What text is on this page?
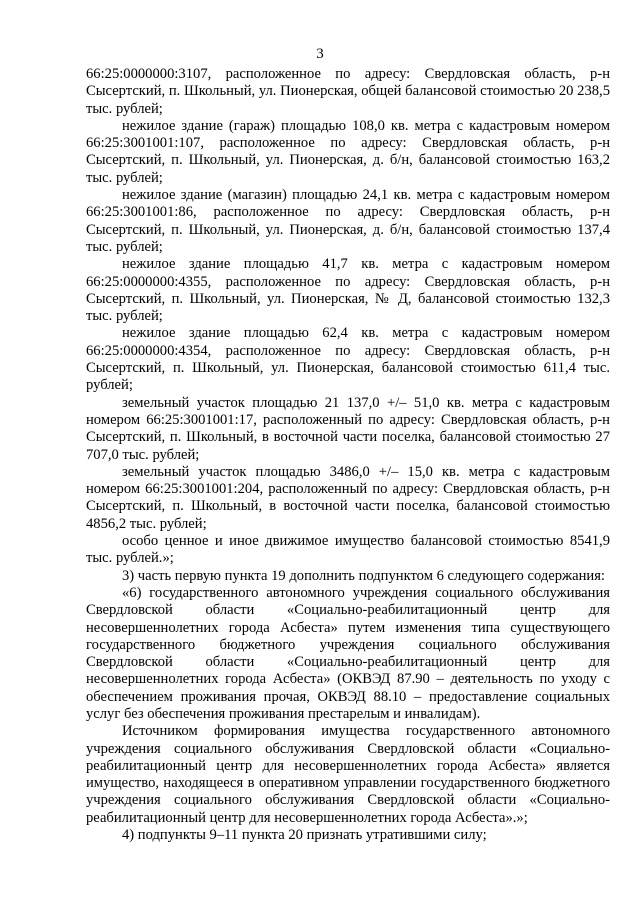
3

66:25:0000000:3107, расположенное по адресу: Свердловская область, р-н Сысертский, п. Школьный, ул. Пионерская, общей балансовой стоимостью 20 238,5 тыс. рублей;

нежилое здание (гараж) площадью 108,0 кв. метра с кадастровым номером 66:25:3001001:107, расположенное по адресу: Свердловская область, р-н Сысертский, п. Школьный, ул. Пионерская, д. б/н, балансовой стоимостью 163,2 тыс. рублей;

нежилое здание (магазин) площадью 24,1 кв. метра с кадастровым номером 66:25:3001001:86, расположенное по адресу: Свердловская область, р-н Сысертский, п. Школьный, ул. Пионерская, д. б/н, балансовой стоимостью 137,4 тыс. рублей;

нежилое здание площадью 41,7 кв. метра с кадастровым номером 66:25:0000000:4355, расположенное по адресу: Свердловская область, р-н Сысертский, п. Школьный, ул. Пионерская, № Д, балансовой стоимостью 132,3 тыс. рублей;

нежилое здание площадью 62,4 кв. метра с кадастровым номером 66:25:0000000:4354, расположенное по адресу: Свердловская область, р-н Сысертский, п. Школьный, ул. Пионерская, балансовой стоимостью 611,4 тыс. рублей;

земельный участок площадью 21 137,0 +/– 51,0 кв. метра с кадастровым номером 66:25:3001001:17, расположенный по адресу: Свердловская область, р-н Сысертский, п. Школьный, в восточной части поселка, балансовой стоимостью 27 707,0 тыс. рублей;

земельный участок площадью 3486,0 +/– 15,0 кв. метра с кадастровым номером 66:25:3001001:204, расположенный по адресу: Свердловская область, р-н Сысертский, п. Школьный, в восточной части поселка, балансовой стоимостью 4856,2 тыс. рублей;

особо ценное и иное движимое имущество балансовой стоимостью 8541,9 тыс. рублей.»;

3) часть первую пункта 19 дополнить подпунктом 6 следующего содержания:

«6) государственного автономного учреждения социального обслуживания Свердловской области «Социально-реабилитационный центр для несовершеннолетних города Асбеста» путем изменения типа существующего государственного бюджетного учреждения социального обслуживания Свердловской области «Социально-реабилитационный центр для несовершеннолетних города Асбеста» (ОКВЭД 87.90 – деятельность по уходу с обеспечением проживания прочая, ОКВЭД 88.10 – предоставление социальных услуг без обеспечения проживания престарелым и инвалидам).

Источником формирования имущества государственного автономного учреждения социального обслуживания Свердловской области «Социально-реабилитационный центр для несовершеннолетних города Асбеста» является имущество, находящееся в оперативном управлении государственного бюджетного учреждения социального обслуживания Свердловской области «Социально-реабилитационный центр для несовершеннолетних города Асбеста».»;

4) подпункты 9–11 пункта 20 признать утратившими силу;
